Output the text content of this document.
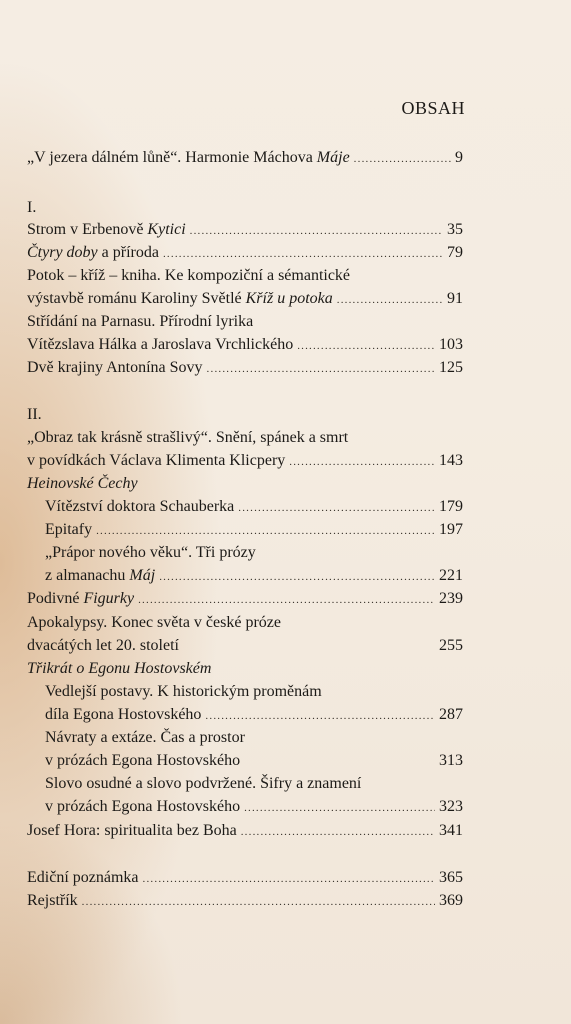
OBSAH
„V jezera dálném lůně“. Harmonie Máchova Máje .....	9
I.
Strom v Erbenově Kytici .....	35
Čtyry doby a příroda .....	79
Potok – kříž – kniha. Ke kompoziční a sémantické
výstavbě románu Karoliny Světlé Kříž u potoka .....	91
Střídání na Parnasu. Přírodní lyrika
Vítězslava Hálka a Jaroslava Vrchlického .....	103
Dvě krajiny Antonína Sovy .....	125
II.
„Obraz tak krásně strašlivý“. Snění, spánek a smrt
v povídkách Václava Klimenta Klicpery .....	143
Heinovské Čechy
Vítězství doktora Schauberka .....	179
Epitafy .....	197
„Prápor nového věku“. Tři prózy
z almanachu Máj .....	221
Podivné Figurky .....	239
Apokalypsy. Konec světa v české próze
dvacátých let 20. století	255
Třikrát o Egonu Hostovském
Vedlejší postavy. K historickým proměnám
díla Egona Hostovského .....	287
Návraty a extáze. Čas a prostor
v prózách Egona Hostovského	313
Slovo osudné a slovo podvržené. Šifry a znamení
v prózách Egona Hostovského .....	323
Josef Hora: spiritualita bez Boha .....	341
Ediční poznámka .....	365
Rejstřík .....	369
